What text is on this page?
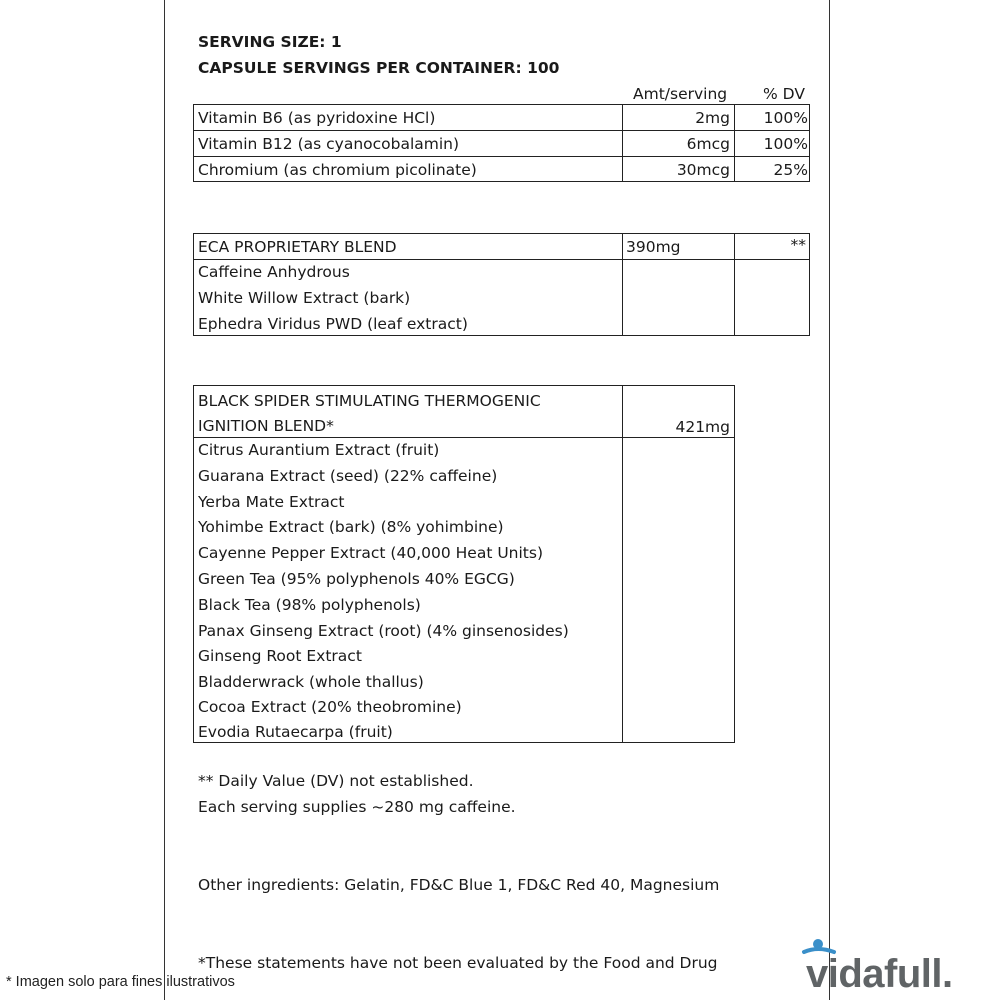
SERVING SIZE: 1
CAPSULE SERVINGS PER CONTAINER: 100
Amt/serving % DV
Vitamin B6 (as pyridoxine HCl)	2mg	100%
Vitamin B12 (as cyanocobalamin)	6mcg	100%
Chromium (as chromium picolinate)	30mcg	25%
ECA PROPRIETARY BLEND	390mg	**
Caffeine Anhydrous
White Willow Extract (bark)
Ephedra Viridus PWD (leaf extract)
BLACK SPIDER STIMULATING THERMOGENIC
IGNITION BLEND*	421mg
Citrus Aurantium Extract (fruit)
Guarana Extract (seed) (22% caffeine)
Yerba Mate Extract
Yohimbe Extract (bark) (8% yohimbine)
Cayenne Pepper Extract (40,000 Heat Units)
Green Tea (95% polyphenols 40% EGCG)
Black Tea (98% polyphenols)
Panax Ginseng Extract (root) (4% ginsenosides)
Ginseng Root Extract
Bladderwrack (whole thallus)
Cocoa Extract (20% theobromine)
Evodia Rutaecarpa (fruit)
** Daily Value (DV) not established.
Each serving supplies ~280 mg caffeine.
Other ingredients: Gelatin, FD&C Blue 1, FD&C Red 40, Magnesium
*These statements have not been evaluated by the Food and Drug
* Imagen solo para fines ilustrativos	vidafull.
